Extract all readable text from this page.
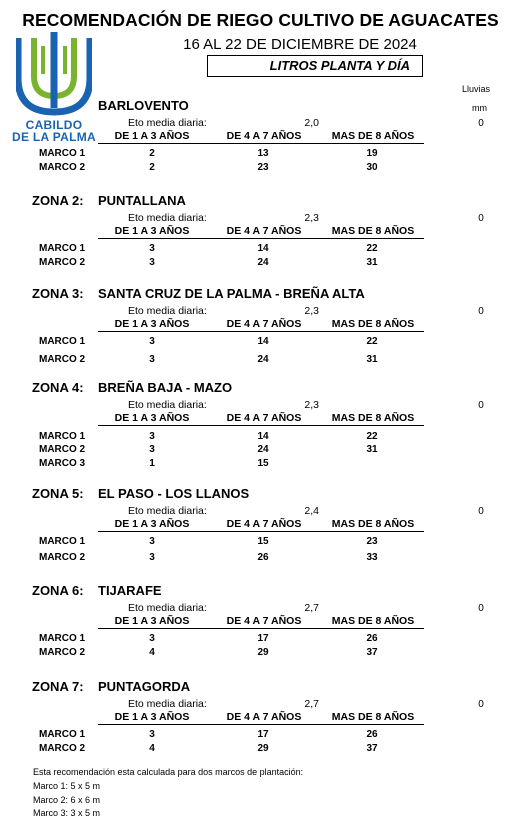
RECOMENDACIÓN DE RIEGO CULTIVO DE AGUACATES
16 AL 22 DE DICIEMBRE DE 2024
LITROS PLANTA Y DÍA
Lluvias
mm
CABILDO
DE LA PALMA
BARLOVENTO
Eto media diaria:	2,0	0
DE 1 A 3 AÑOS	DE 4 A 7 AÑOS	MAS DE 8 AÑOS
MARCO 1	2	13	19
MARCO 2	2	23	30
ZONA 2: PUNTALLANA
Eto media diaria:	2,3	0
DE 1 A 3 AÑOS	DE 4 A 7 AÑOS	MAS DE 8 AÑOS
MARCO 1	3	14	22
MARCO 2	3	24	31
ZONA 3: SANTA CRUZ DE LA PALMA - BREÑA ALTA
Eto media diaria:	2,3	0
DE 1 A 3 AÑOS	DE 4 A 7 AÑOS	MAS DE 8 AÑOS
MARCO 1	3	14	22
MARCO 2	3	24	31
ZONA 4: BREÑA BAJA - MAZO
Eto media diaria:	2,3	0
DE 1 A 3 AÑOS	DE 4 A 7 AÑOS	MAS DE 8 AÑOS
MARCO 1	3	14	22
MARCO 2	3	24	31
MARCO 3	1	15
ZONA 5: EL PASO - LOS LLANOS
Eto media diaria:	2,4	0
DE 1 A 3 AÑOS	DE 4 A 7 AÑOS	MAS DE 8 AÑOS
MARCO 1	3	15	23
MARCO 2	3	26	33
ZONA 6: TIJARAFE
Eto media diaria:	2,7	0
DE 1 A 3 AÑOS	DE 4 A 7 AÑOS	MAS DE 8 AÑOS
MARCO 1	3	17	26
MARCO 2	4	29	37
ZONA 7: PUNTAGORDA
Eto media diaria:	2,7	0
DE 1 A 3 AÑOS	DE 4 A 7 AÑOS	MAS DE 8 AÑOS
MARCO 1	3	17	26
MARCO 2	4	29	37
Esta recomendación esta calculada para dos marcos de plantación:
Marco 1: 5 x 5 m
Marco 2: 6 x 6 m
Marco 3: 3 x 5 m
